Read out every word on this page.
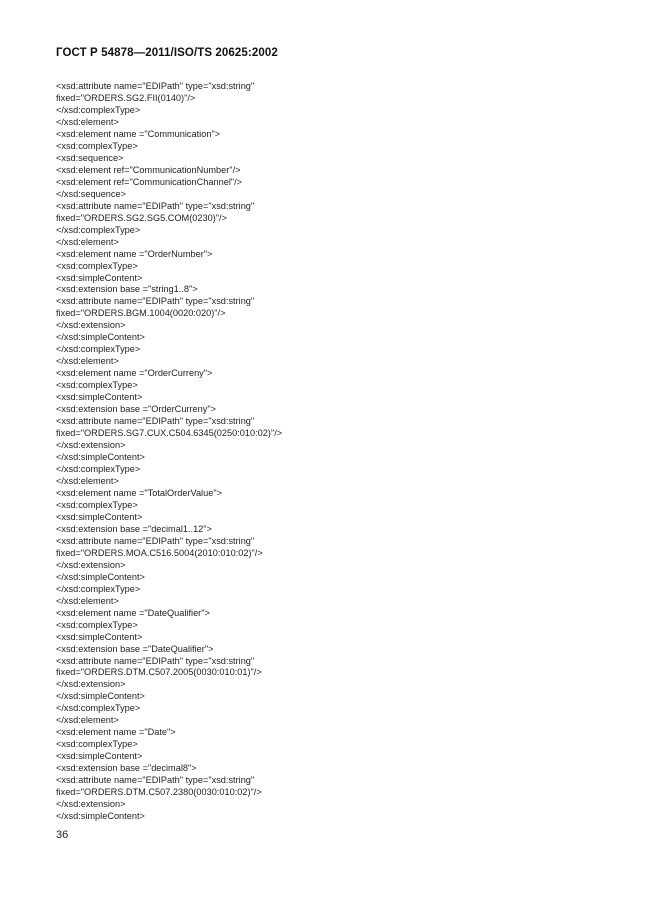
ГОСТ Р 54878—2011/ISO/TS 20625:2002
<xsd:attribute name="EDIPath" type="xsd:string"
fixed="ORDERS.SG2.FII(0140)"/>
</xsd:complexType>
</xsd:element>
<xsd:element name ="Communication">
<xsd:complexType>
<xsd:sequence>
<xsd:element ref="CommunicationNumber"/>
<xsd:element ref="CommunicationChannel"/>
</xsd:sequence>
<xsd:attribute name="EDIPath" type="xsd:string"
fixed="ORDERS.SG2.SG5.COM(0230)"/>
</xsd:complexType>
</xsd:element>
<xsd:element name ="OrderNumber">
<xsd:complexType>
<xsd:simpleContent>
<xsd:extension base ="string1..8">
<xsd:attribute name="EDIPath" type="xsd:string"
fixed="ORDERS.BGM.1004(0020:020)"/>
</xsd:extension>
</xsd:simpleContent>
</xsd:complexType>
</xsd:element>
<xsd:element name ="OrderCurreny">
<xsd:complexType>
<xsd:simpleContent>
<xsd:extension base ="OrderCurreny">
<xsd:attribute name="EDIPath" type="xsd:string"
fixed="ORDERS.SG7.CUX.C504.6345(0250:010:02)"/>
</xsd:extension>
</xsd:simpleContent>
</xsd:complexType>
</xsd:element>
<xsd:element name ="TotalOrderValue">
<xsd:complexType>
<xsd:simpleContent>
<xsd:extension base ="decimal1..12">
<xsd:attribute name="EDIPath" type="xsd:string"
fixed="ORDERS.MOA.C516.5004(2010:010:02)"/>
</xsd:extension>
</xsd:simpleContent>
</xsd:complexType>
</xsd:element>
<xsd:element name ="DateQualifier">
<xsd:complexType>
<xsd:simpleContent>
<xsd:extension base ="DateQualifier">
<xsd:attribute name="EDIPath" type="xsd:string"
fixed="ORDERS.DTM.C507.2005(0030:010:01)"/>
</xsd:extension>
</xsd:simpleContent>
</xsd:complexType>
</xsd:element>
<xsd:element name ="Date">
<xsd:complexType>
<xsd:simpleContent>
<xsd:extension base ="decimal8">
<xsd:attribute name="EDIPath" type="xsd:string"
fixed="ORDERS.DTM.C507.2380(0030:010:02)"/>
</xsd:extension>
</xsd:simpleContent>
36
